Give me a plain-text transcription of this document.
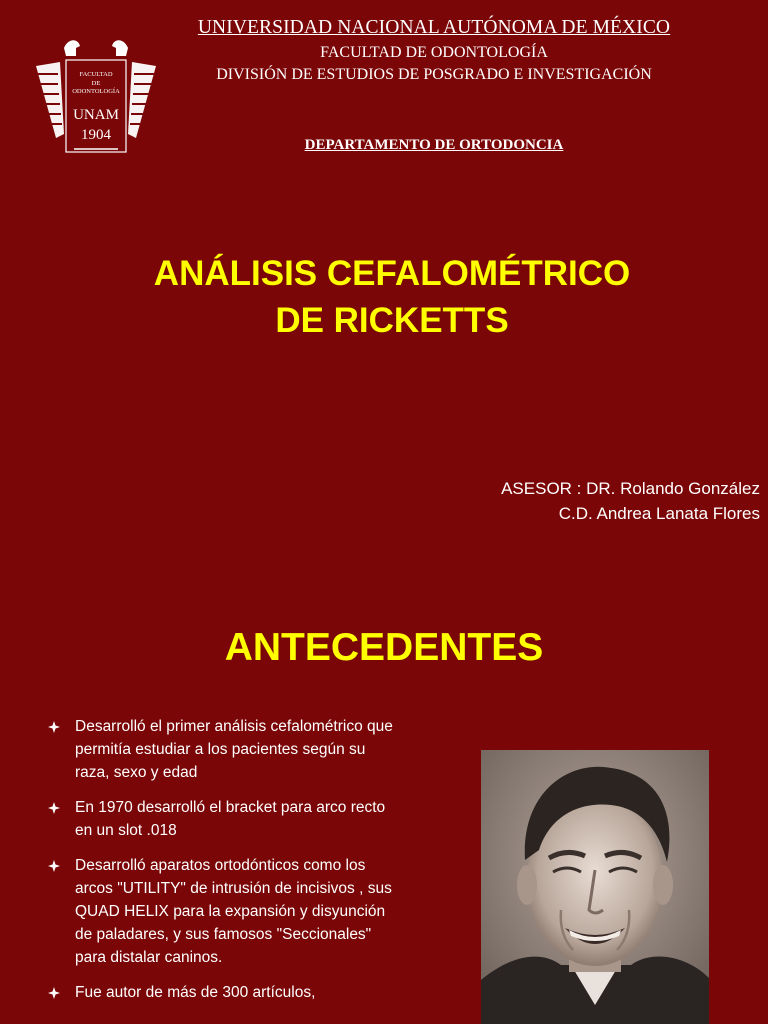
FACULTAD
DE
ODONTOLOGÍA
UNAM
1904
UNIVERSIDAD NACIONAL AUTÓNOMA DE MÉXICO
FACULTAD DE ODONTOLOGÍA
DIVISIÓN DE ESTUDIOS DE POSGRADO E INVESTIGACIÓN
DEPARTAMENTO DE ORTODONCIA
ANÁLISIS CEFALOMÉTRICO
DE RICKETTS
ASESOR : DR. Rolando González
C.D. Andrea Lanata Flores
ANTECEDENTES
Desarrolló el primer análisis cefalométrico que permitía estudiar a los pacientes según su raza, sexo y edad
En 1970 desarrolló el bracket para arco recto en un slot .018
Desarrolló aparatos ortodónticos como los arcos "UTILITY" de intrusión de incisivos , sus QUAD HELIX para la expansión y disyunción de paladares, y sus famosos "Seccionales" para distalar caninos.
Fue autor de más de 300 artículos,
